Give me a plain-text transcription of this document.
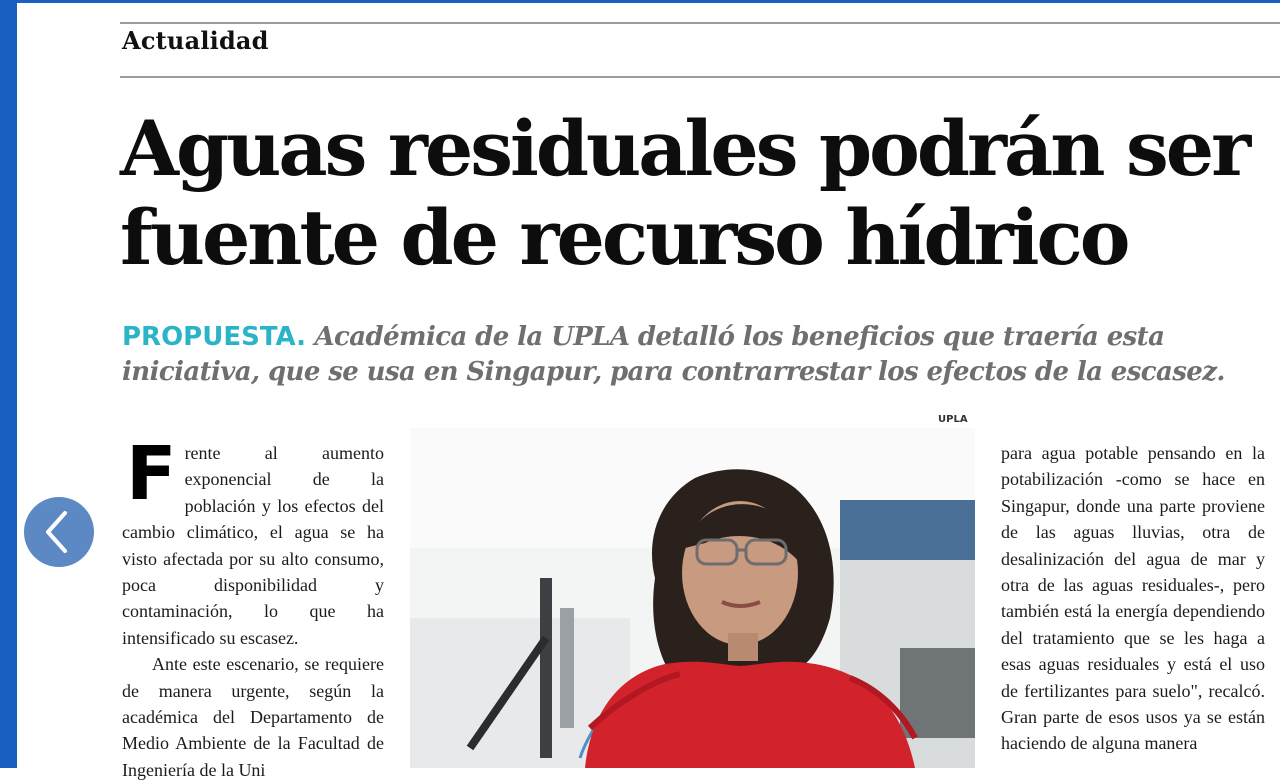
Actualidad
Aguas residuales podrán ser
fuente de recurso hídrico
PROPUESTA. Académica de la UPLA detalló los beneficios que traería esta
iniciativa, que se usa en Singapur, para contrarrestar los efectos de la escasez.
UPLA
F rente al aumento exponencial de la población y los efectos del cambio climático, el agua se ha visto afectada por su alto consumo, poca disponibilidad y contaminación, lo que ha intensificado su escasez.

Ante este escenario, se requiere de manera urgente, según la académica del Departamento de Medio Ambiente de la Facultad de Ingeniería de la Uni

para agua potable pensando en la potabilización -como se hace en Singapur, donde una parte proviene de las aguas lluvias, otra de desalinización del agua de mar y otra de las aguas residuales-, pero también está la energía dependiendo del tratamiento que se les haga a esas aguas residuales y está el uso de fertilizantes para suelo", recalcó. Gran parte de esos usos ya se están haciendo de alguna manera
